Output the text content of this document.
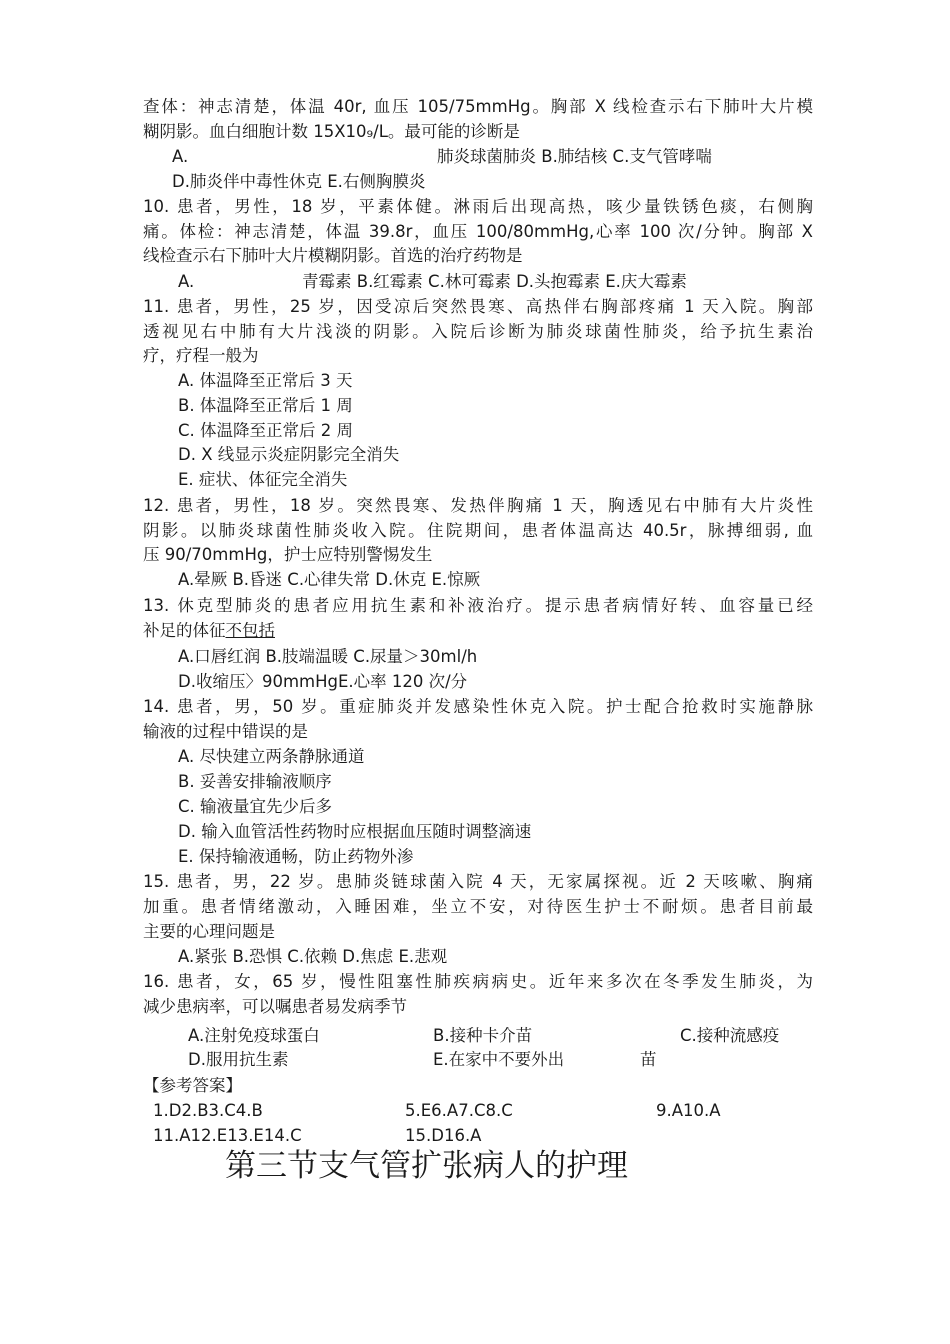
查体：神志清楚，体温 40r, 血压 105/75mmHg。胸部 X 线检查示右下肺叶大片模
糊阴影。血白细胞计数 15X10₉/L。最可能的诊断是
A.	肺炎球菌肺炎 B.肺结核 C.支气管哮喘
D.肺炎伴中毒性休克 E.右侧胸膜炎
10. 患者，男性，18 岁，平素体健。淋雨后出现高热，咳少量铁锈色痰，右侧胸
痛。体检：神志清楚，体温 39.8r，血压 100/80mmHg,心率 100 次/分钟。胸部 X
线检查示右下肺叶大片模糊阴影。首选的治疗药物是
A.	青霉素 B.红霉素 C.林可霉素 D.头抱霉素 E.庆大霉素
11. 患者，男性，25 岁，因受凉后突然畏寒、高热伴右胸部疼痛 1 天入院。胸部
透视见右中肺有大片浅淡的阴影。入院后诊断为肺炎球菌性肺炎，给予抗生素治
疗，疗程一般为
A. 体温降至正常后 3 天
B. 体温降至正常后 1 周
C. 体温降至正常后 2 周
D. X 线显示炎症阴影完全消失
E. 症状、体征完全消失
12. 患者，男性，18 岁。突然畏寒、发热伴胸痛 1 天，胸透见右中肺有大片炎性
阴影。以肺炎球菌性肺炎收入院。住院期间，患者体温高达 40.5r，脉搏细弱, 血
压 90/70mmHg，护士应特别警惕发生
A.晕厥 B.昏迷 C.心律失常 D.休克 E.惊厥
13. 休克型肺炎的患者应用抗生素和补液治疗。提示患者病情好转、血容量已经
补足的体征不包括
A.口唇红润 B.肢端温暖 C.尿量＞30ml/h
D.收缩压〉90mmHgE.心率 120 次/分
14. 患者，男，50 岁。重症肺炎并发感染性休克入院。护士配合抢救时实施静脉
输液的过程中错误的是
A. 尽快建立两条静脉通道
B. 妥善安排输液顺序
C. 输液量宜先少后多
D. 输入血管活性药物时应根据血压随时调整滴速
E. 保持输液通畅，防止药物外渗
15. 患者，男，22 岁。患肺炎链球菌入院 4 天，无家属探视。近 2 天咳嗽、胸痛
加重。患者情绪激动，入睡困难，坐立不安，对待医生护士不耐烦。患者目前最
主要的心理问题是
A.紧张 B.恐惧 C.依赖 D.焦虑 E.悲观
16. 患者，女，65 岁，慢性阻塞性肺疾病病史。近年来多次在冬季发生肺炎，为
减少患病率，可以嘱患者易发病季节
A.注射免疫球蛋白	B.接种卡介苗	C.接种流感疫
D.服用抗生素	E.在家中不要外出	苗
【参考答案】
1.D2.B3.C4.B	5.E6.A7.C8.C	9.A10.A
11.A12.E13.E14.C	15.D16.A
第三节支气管扩张病人的护理
